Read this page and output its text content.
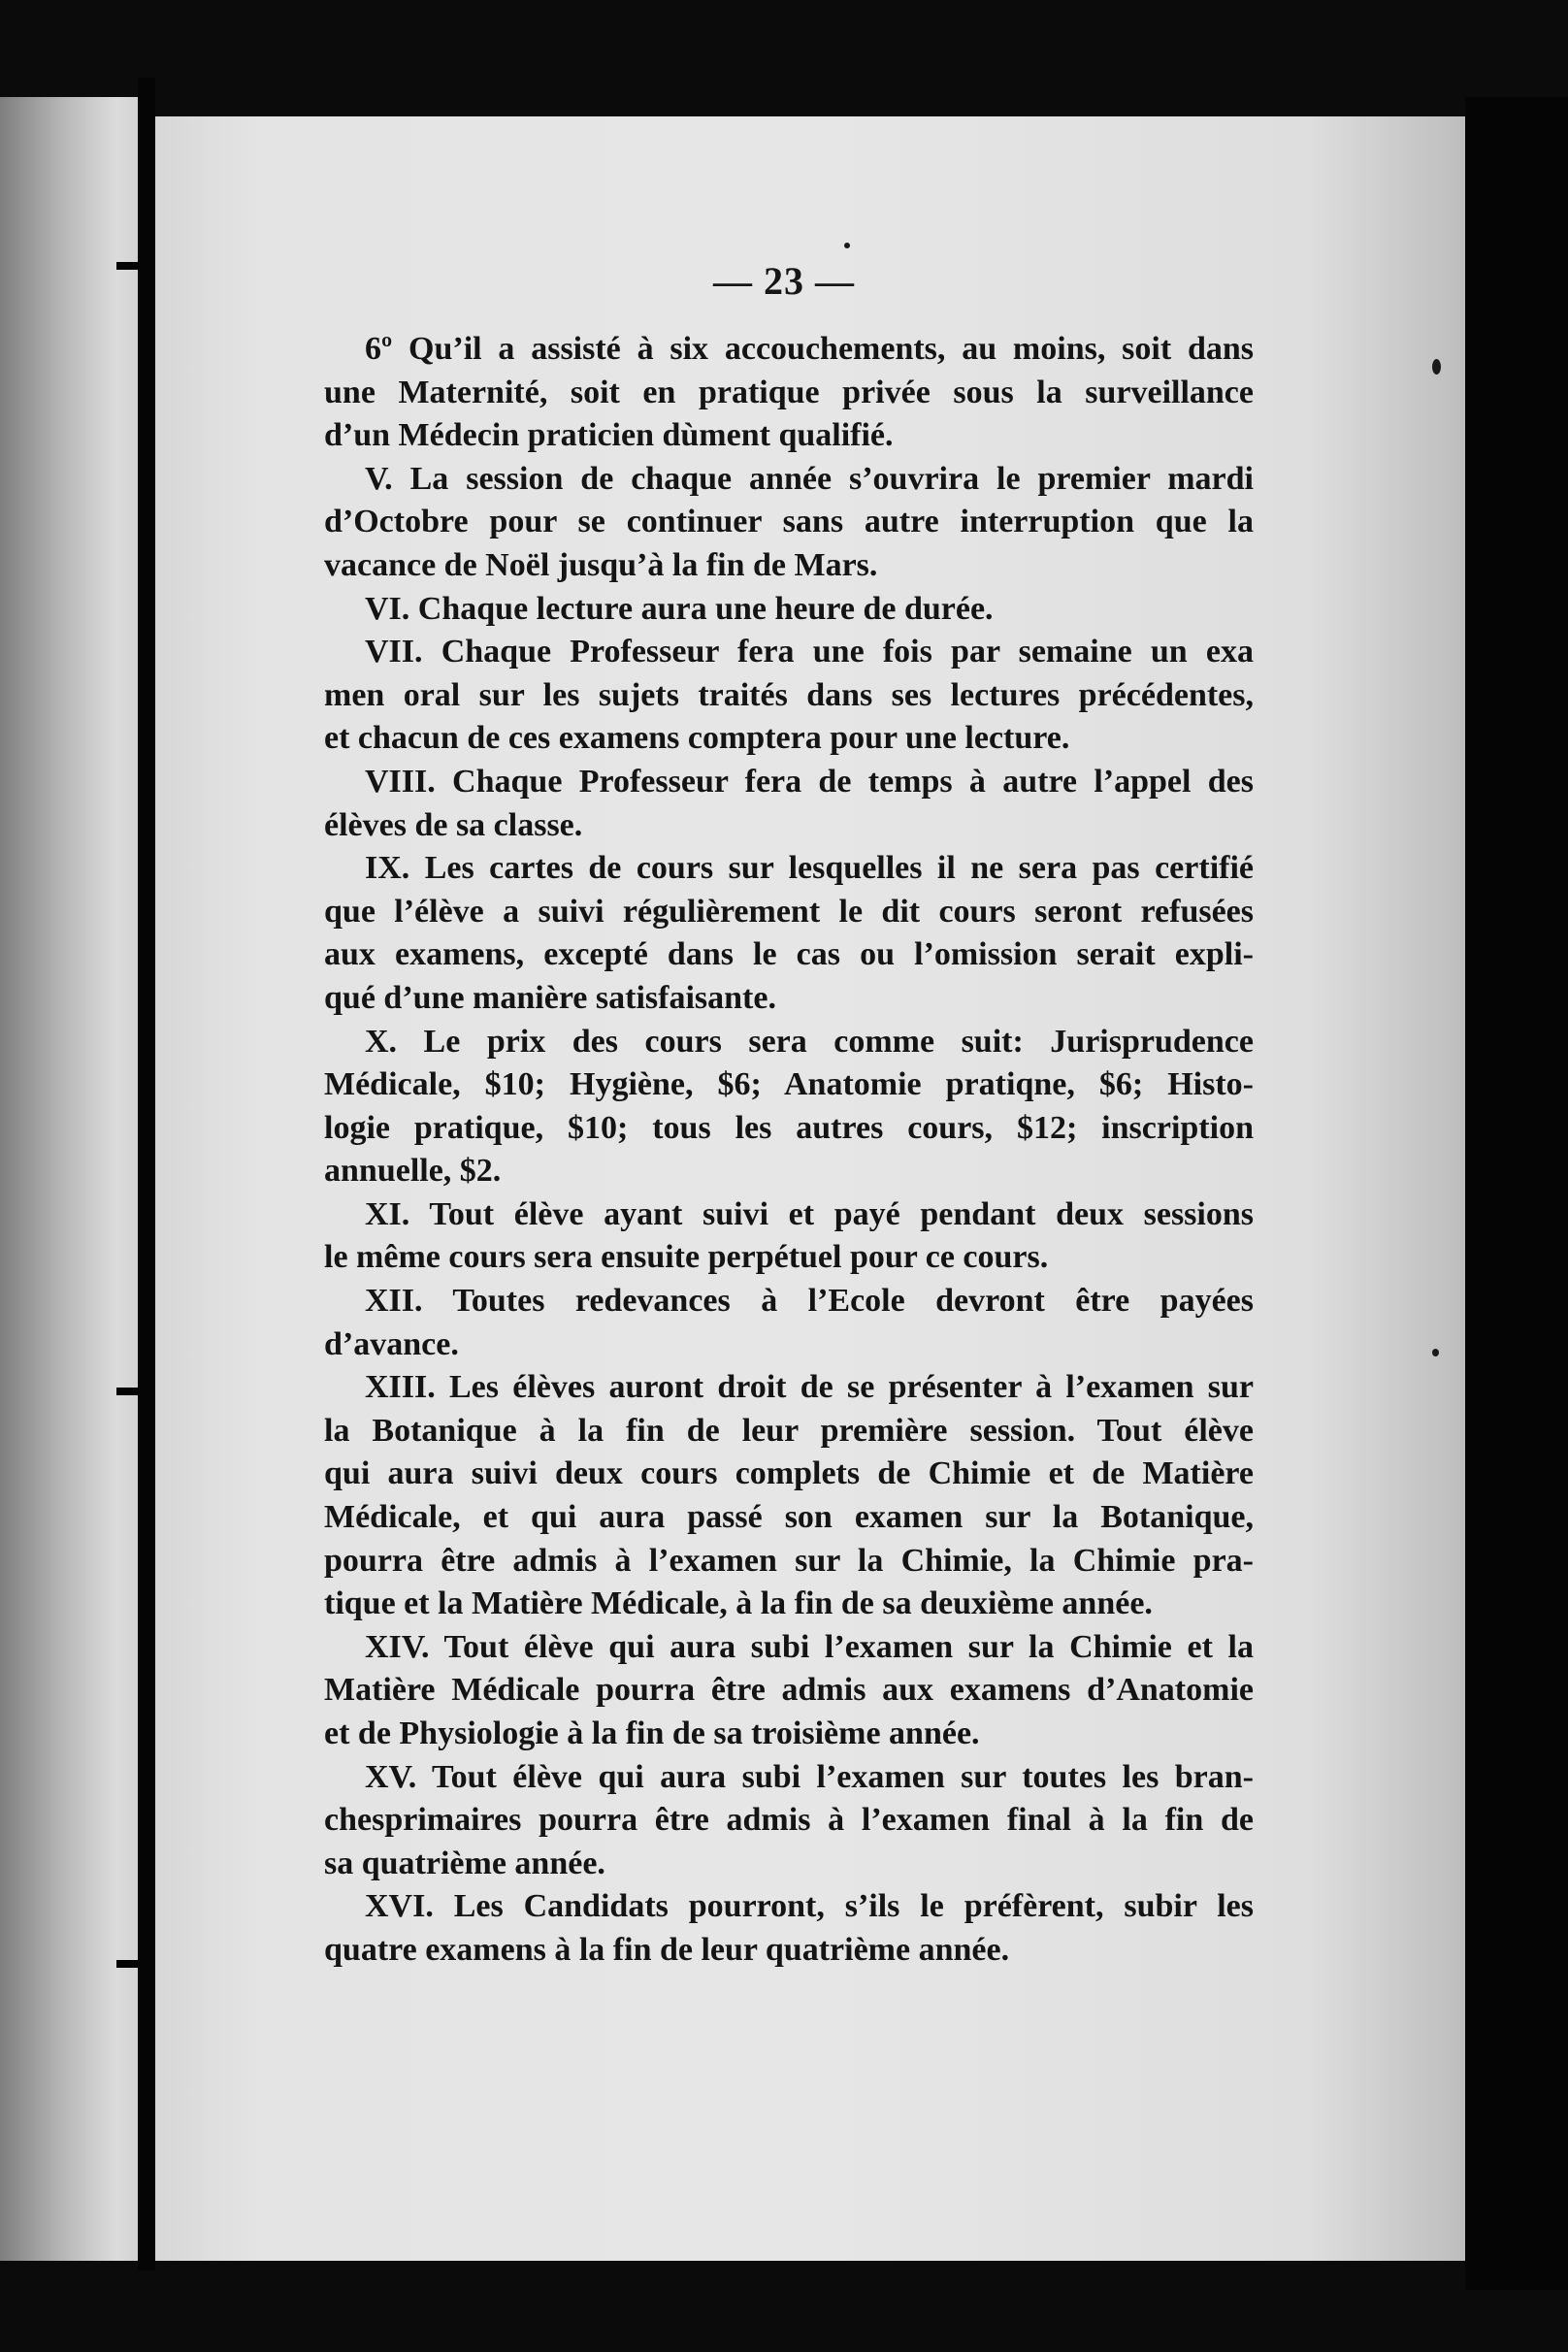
— 23 —
6º Qu’il a assisté à six accouchements, au moins, soit dans
une Maternité, soit en pratique privée sous la surveillance
d’un Médecin praticien dùment qualifié.
V. La session de chaque année s’ouvrira le premier mardi
d’Octobre pour se continuer sans autre interruption que la
vacance de Noël jusqu’à la fin de Mars.
VI. Chaque lecture aura une heure de durée.
VII. Chaque Professeur fera une fois par semaine un exa
men oral sur les sujets traités dans ses lectures précédentes,
et chacun de ces examens comptera pour une lecture.
VIII. Chaque Professeur fera de temps à autre l’appel des
élèves de sa classe.
IX. Les cartes de cours sur lesquelles il ne sera pas certifié
que l’élève a suivi régulièrement le dit cours seront refusées
aux examens, excepté dans le cas ou l’omission serait expli-
qué d’une manière satisfaisante.
X. Le prix des cours sera comme suit: Jurisprudence
Médicale, $10; Hygiène, $6; Anatomie pratiqne, $6; Histo-
logie pratique, $10; tous les autres cours, $12; inscription
annuelle, $2.
XI. Tout élève ayant suivi et payé pendant deux sessions
le même cours sera ensuite perpétuel pour ce cours.
XII. Toutes redevances à l’Ecole devront être payées
d’avance.
XIII. Les élèves auront droit de se présenter à l’examen sur
la Botanique à la fin de leur première session. Tout élève
qui aura suivi deux cours complets de Chimie et de Matière
Médicale, et qui aura passé son examen sur la Botanique,
pourra être admis à l’examen sur la Chimie, la Chimie pra-
tique et la Matière Médicale, à la fin de sa deuxième année.
XIV. Tout élève qui aura subi l’examen sur la Chimie et la
Matière Médicale pourra être admis aux examens d’Anatomie
et de Physiologie à la fin de sa troisième année.
XV. Tout élève qui aura subi l’examen sur toutes les bran-
chesprimaires pourra être admis à l’examen final à la fin de
sa quatrième année.
XVI. Les Candidats pourront, s’ils le préfèrent, subir les
quatre examens à la fin de leur quatrième année.
